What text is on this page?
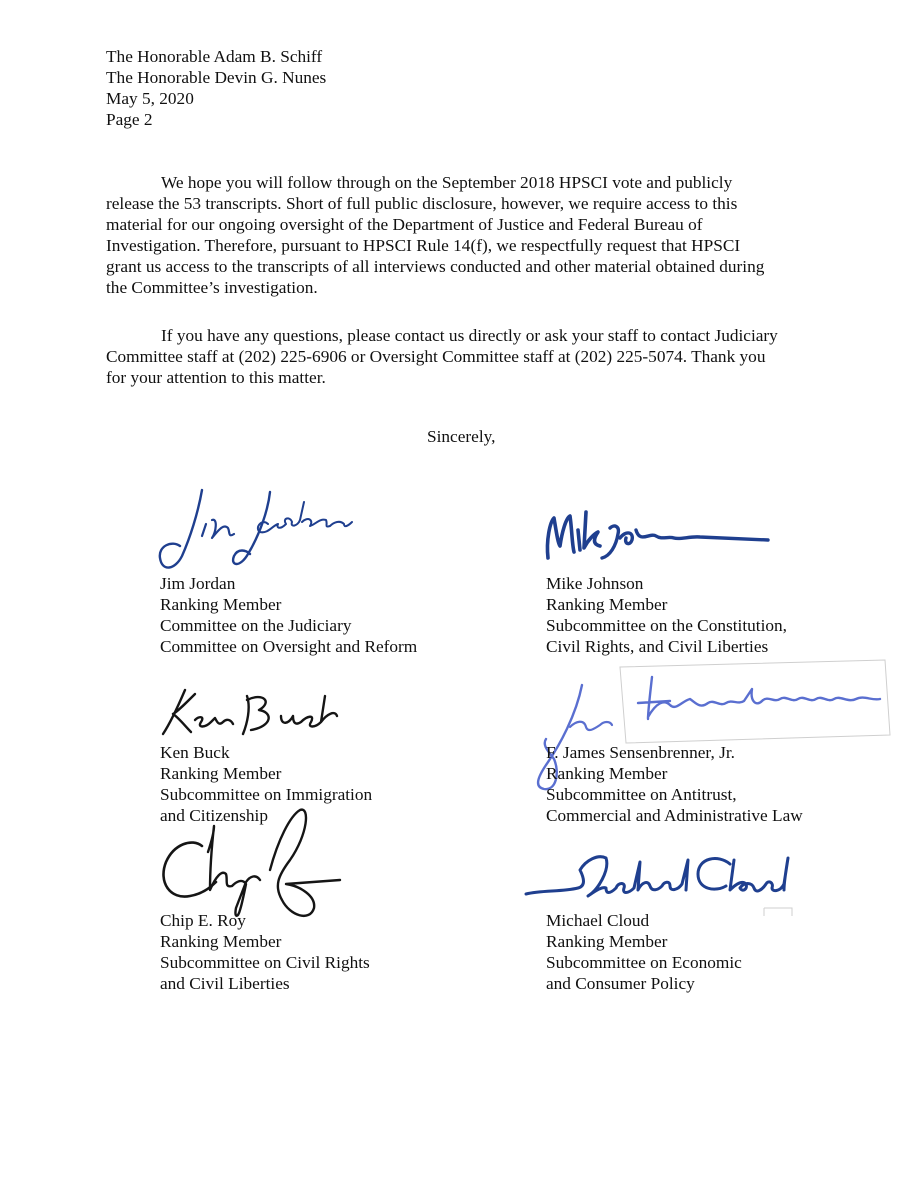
The Honorable Adam B. Schiff
The Honorable Devin G. Nunes
May 5, 2020
Page 2
We hope you will follow through on the September 2018 HPSCI vote and publicly
release the 53 transcripts. Short of full public disclosure, however, we require access to this
material for our ongoing oversight of the Department of Justice and Federal Bureau of
Investigation. Therefore, pursuant to HPSCI Rule 14(f), we respectfully request that HPSCI
grant us access to the transcripts of all interviews conducted and other material obtained during
the Committee’s investigation.
If you have any questions, please contact us directly or ask your staff to contact Judiciary
Committee staff at (202) 225-6906 or Oversight Committee staff at (202) 225-5074. Thank you
for your attention to this matter.
Sincerely,
Jim Jordan
Ranking Member
Committee on the Judiciary
Committee on Oversight and Reform
Mike Johnson
Ranking Member
Subcommittee on the Constitution,
Civil Rights, and Civil Liberties
Ken Buck
Ranking Member
Subcommittee on Immigration
and Citizenship
F. James Sensenbrenner, Jr.
Ranking Member
Subcommittee on Antitrust,
Commercial and Administrative Law
Chip E. Roy
Ranking Member
Subcommittee on Civil Rights
and Civil Liberties
Michael Cloud
Ranking Member
Subcommittee on Economic
and Consumer Policy
